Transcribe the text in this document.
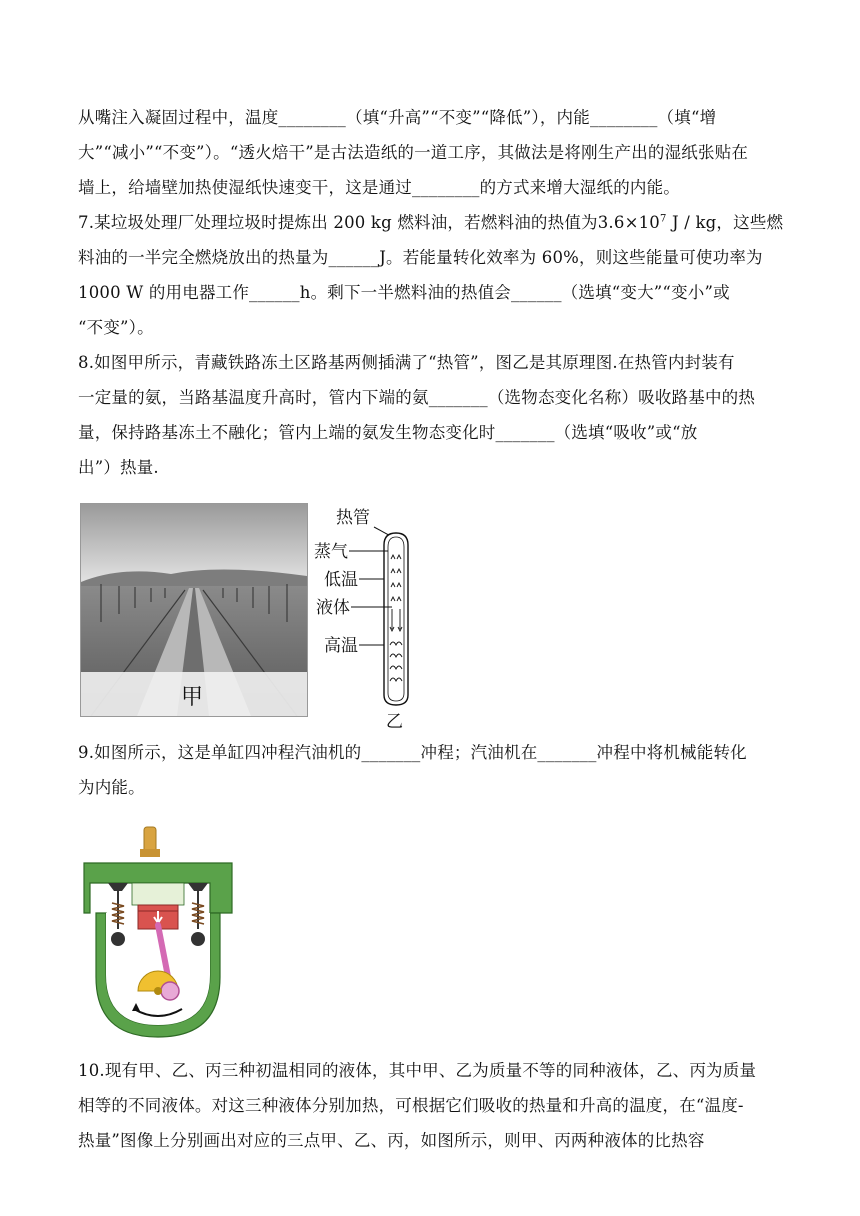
从嘴注入凝固过程中，温度________（填“升高”“不变”“降低”），内能________（填“增

大”“减小”“不变”）。“透火焙干”是古法造纸的一道工序，其做法是将刚生产出的湿纸张贴在

墙上，给墙壁加热使湿纸快速变干，这是通过________的方式来增大湿纸的内能。

7.某垃圾处理厂处理垃圾时提炼出 200 kg 燃料油，若燃料油的热值为$3.6\times 10^7$ J / kg，这些燃

料油的一半完全燃烧放出的热量为______J。若能量转化效率为 60%，则这些能量可使功率为

1000 W 的用电器工作______h。剩下一半燃料油的热值会______（选填“变大”“变小”或

“不变”）。

8.如图甲所示，青藏铁路冻土区路基两侧插满了“热管”，图乙是其原理图.在热管内封装有

一定量的氨，当路基温度升高时，管内下端的氨_______（选物态变化名称）吸收路基中的热

量，保持路基冻土不融化；管内上端的氨发生物态变化时_______（选填“吸收”或“放

出”）热量.

甲
热管
蒸气
低温
液体
高温
乙

9.如图所示，这是单缸四冲程汽油机的_______冲程；汽油机在_______冲程中将机械能转化

为内能。

10.现有甲、乙、丙三种初温相同的液体，其中甲、乙为质量不等的同种液体，乙、丙为质量

相等的不同液体。对这三种液体分别加热，可根据它们吸收的热量和升高的温度，在“温度-

热量”图像上分别画出对应的三点甲、乙、丙，如图所示，则甲、丙两种液体的比热容
